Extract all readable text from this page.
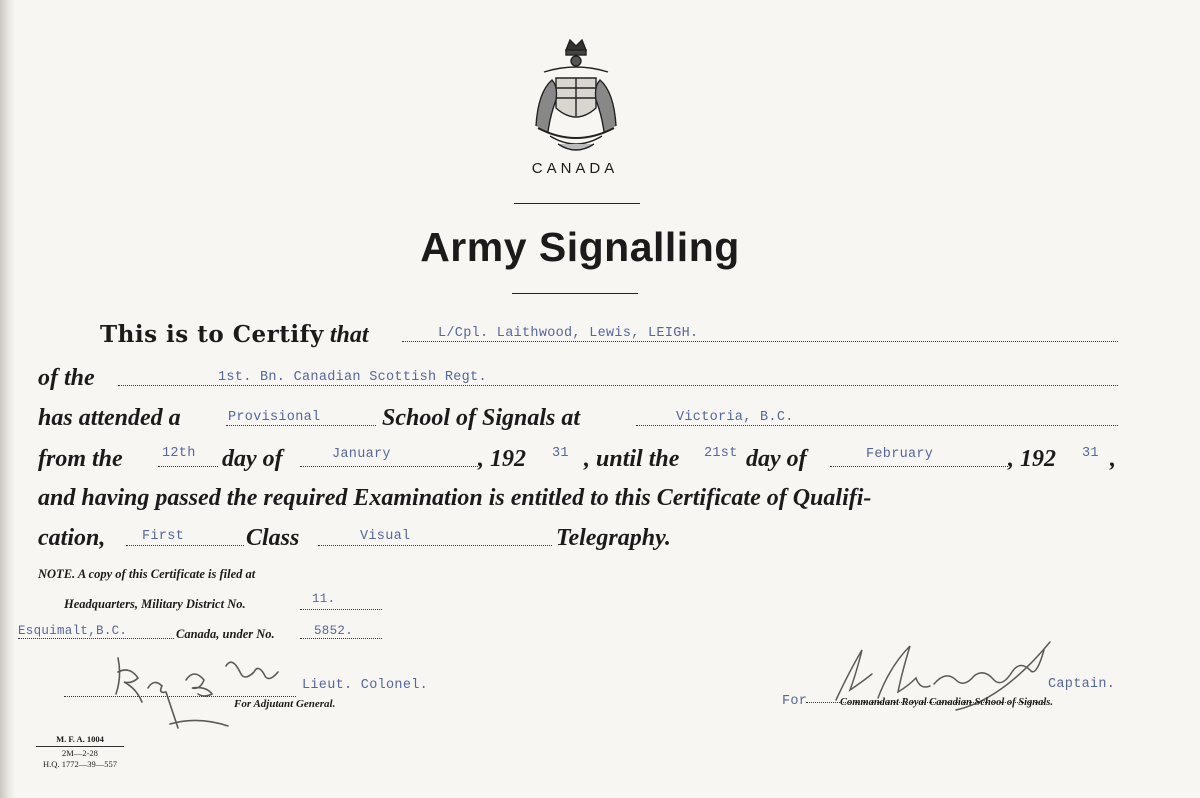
CANADA
Army Signalling
This is to Certify that	L/Cpl. Laithwood, Lewis, LEIGH.
of the	1st. Bn. Canadian Scottish Regt.
has attended a	Provisional	School of Signals at	Victoria, B.C.
from the	12th day of	January	, 192 31 , until the 21st day of	February	, 192 31 ,
and having passed the required Examination is entitled to this Certificate of Qualifi-
cation,	First	Class	Visual	Telegraphy.
NOTE. A copy of this Certificate is filed at
Headquarters, Military District No.	11.
Esquimalt,B.C.	Canada, under No.	5852.
Lieut. Colonel.
For Adjutant General.
Captain.
For	Commandant Royal Canadian School of Signals.
M. F. A. 1004
2M—2-28
H.Q. 1772—39—557
